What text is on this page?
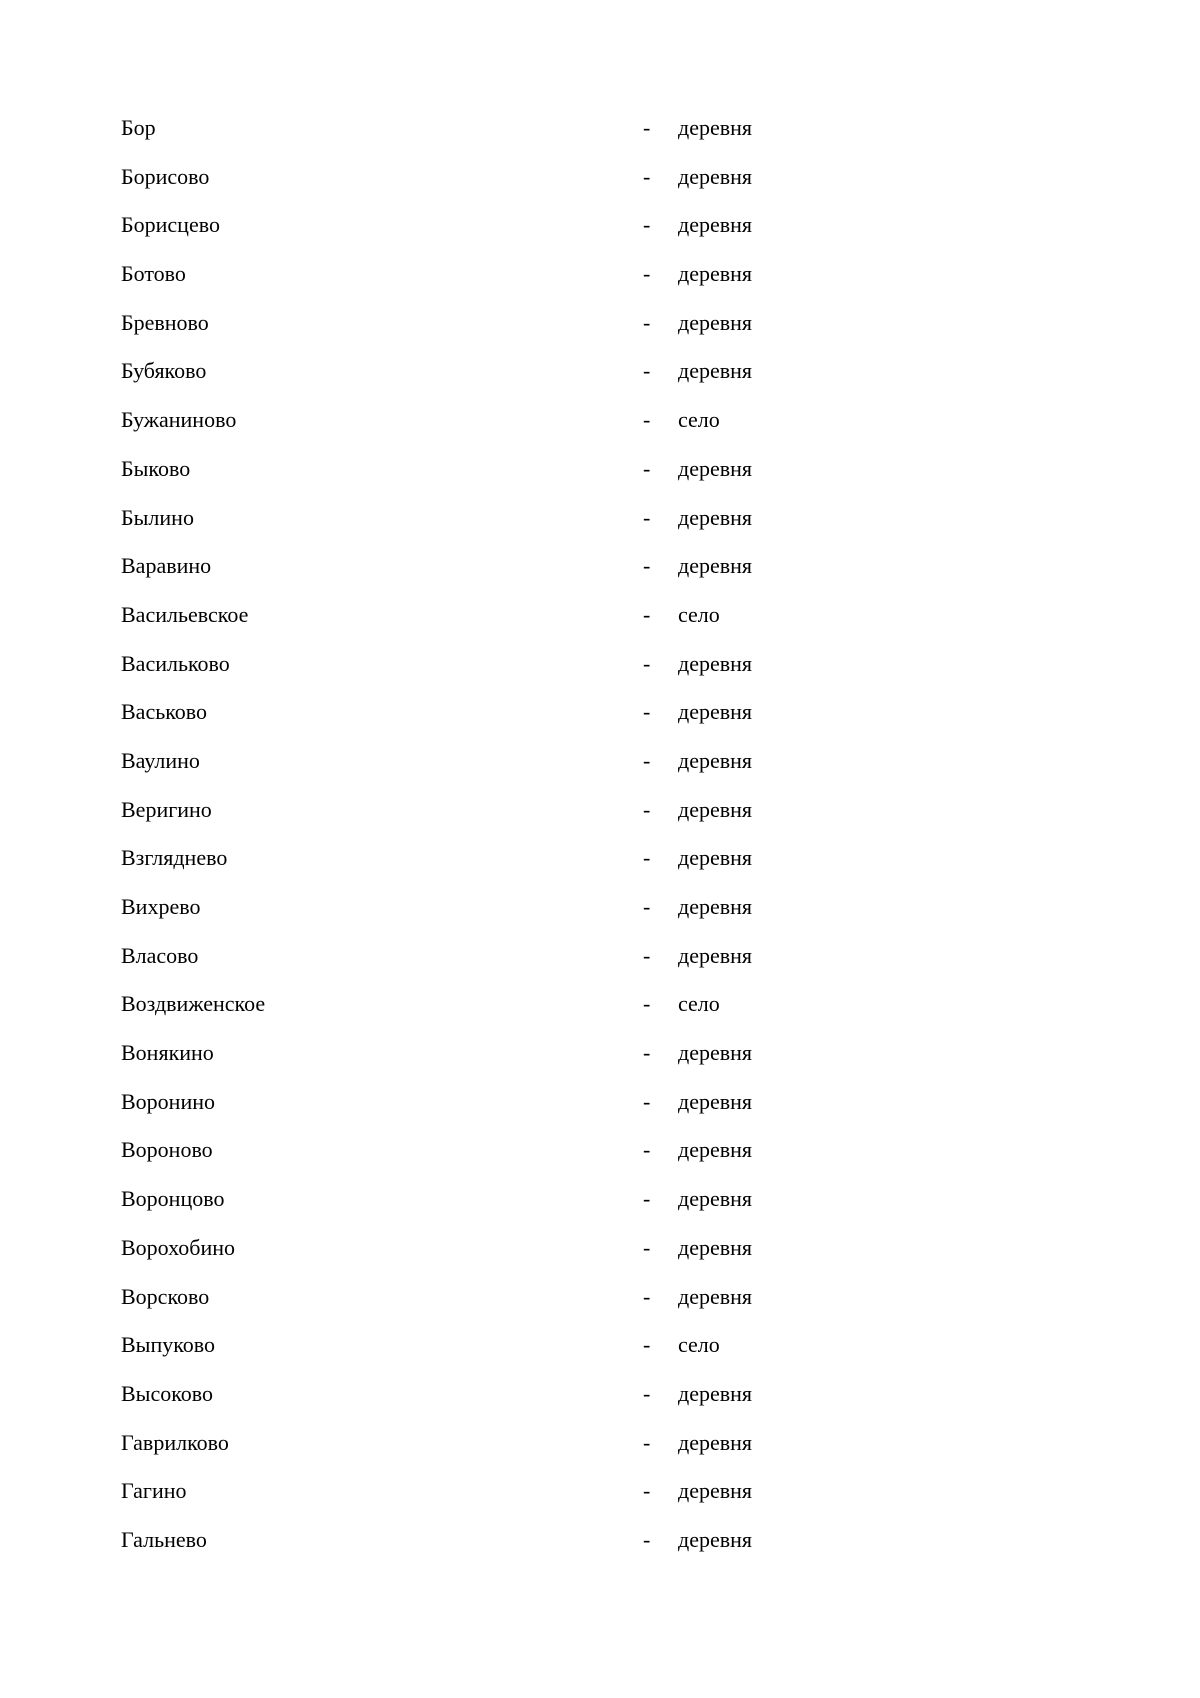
Бор	- деревня
Борисово	- деревня
Борисцево	- деревня
Ботово	- деревня
Бревново	- деревня
Бубяково	- деревня
Бужаниново	- село
Быково	- деревня
Былино	- деревня
Варавино	- деревня
Васильевское	- село
Васильково	- деревня
Васьково	- деревня
Ваулино	- деревня
Веригино	- деревня
Взгляднево	- деревня
Вихрево	- деревня
Власово	- деревня
Воздвиженское	- село
Вонякино	- деревня
Воронино	- деревня
Вороново	- деревня
Воронцово	- деревня
Ворохобино	- деревня
Ворсково	- деревня
Выпуково	- село
Высоково	- деревня
Гаврилково	- деревня
Гагино	- деревня
Гальнево	- деревня
